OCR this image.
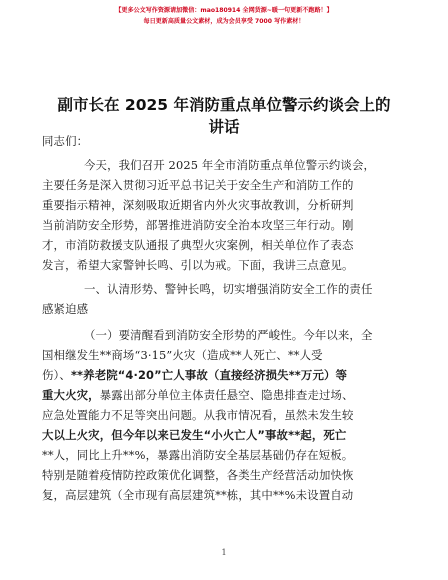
【更多公文写作资源请加微信：mao180914 全网货源~暖一句更新不跑路！】
每日更新高质量公文素材，成为会员享受 7000 写作素材！
副市长在 2025 年消防重点单位警示约谈会上的
讲话
同志们：
今天，我们召开 2025 年全市消防重点单位警示约谈会，
主要任务是深入贯彻习近平总书记关于安全生产和消防工作的
重要指示精神，深刻吸取近期省内外火灾事故教训，分析研判
当前消防安全形势，部署推进消防安全治本攻坚三年行动。刚
才，市消防救援支队通报了典型火灾案例，相关单位作了表态
发言，希望大家警钟长鸣、引以为戒。下面，我讲三点意见。
一、认清形势、警钟长鸣，切实增强消防安全工作的责任
感紧迫感
（一）要清醒看到消防安全形势的严峻性。今年以来，全
国相继发生**商场“3·15”火灾（造成**人死亡、**人受
伤）、**养老院“4·20”亡人事故（直接经济损失**万元）等
重大火灾，暴露出部分单位主体责任悬空、隐患排查走过场、
应急处置能力不足等突出问题。从我市情况看，虽然未发生较
大以上火灾，但今年以来已发生“小火亡人”事故**起，死亡
**人，同比上升**%，暴露出消防安全基层基础仍存在短板。
特别是随着疫情防控政策优化调整，各类生产经营活动加快恢
复，高层建筑（全市现有高层建筑**栋，其中**%未设置自动
1
